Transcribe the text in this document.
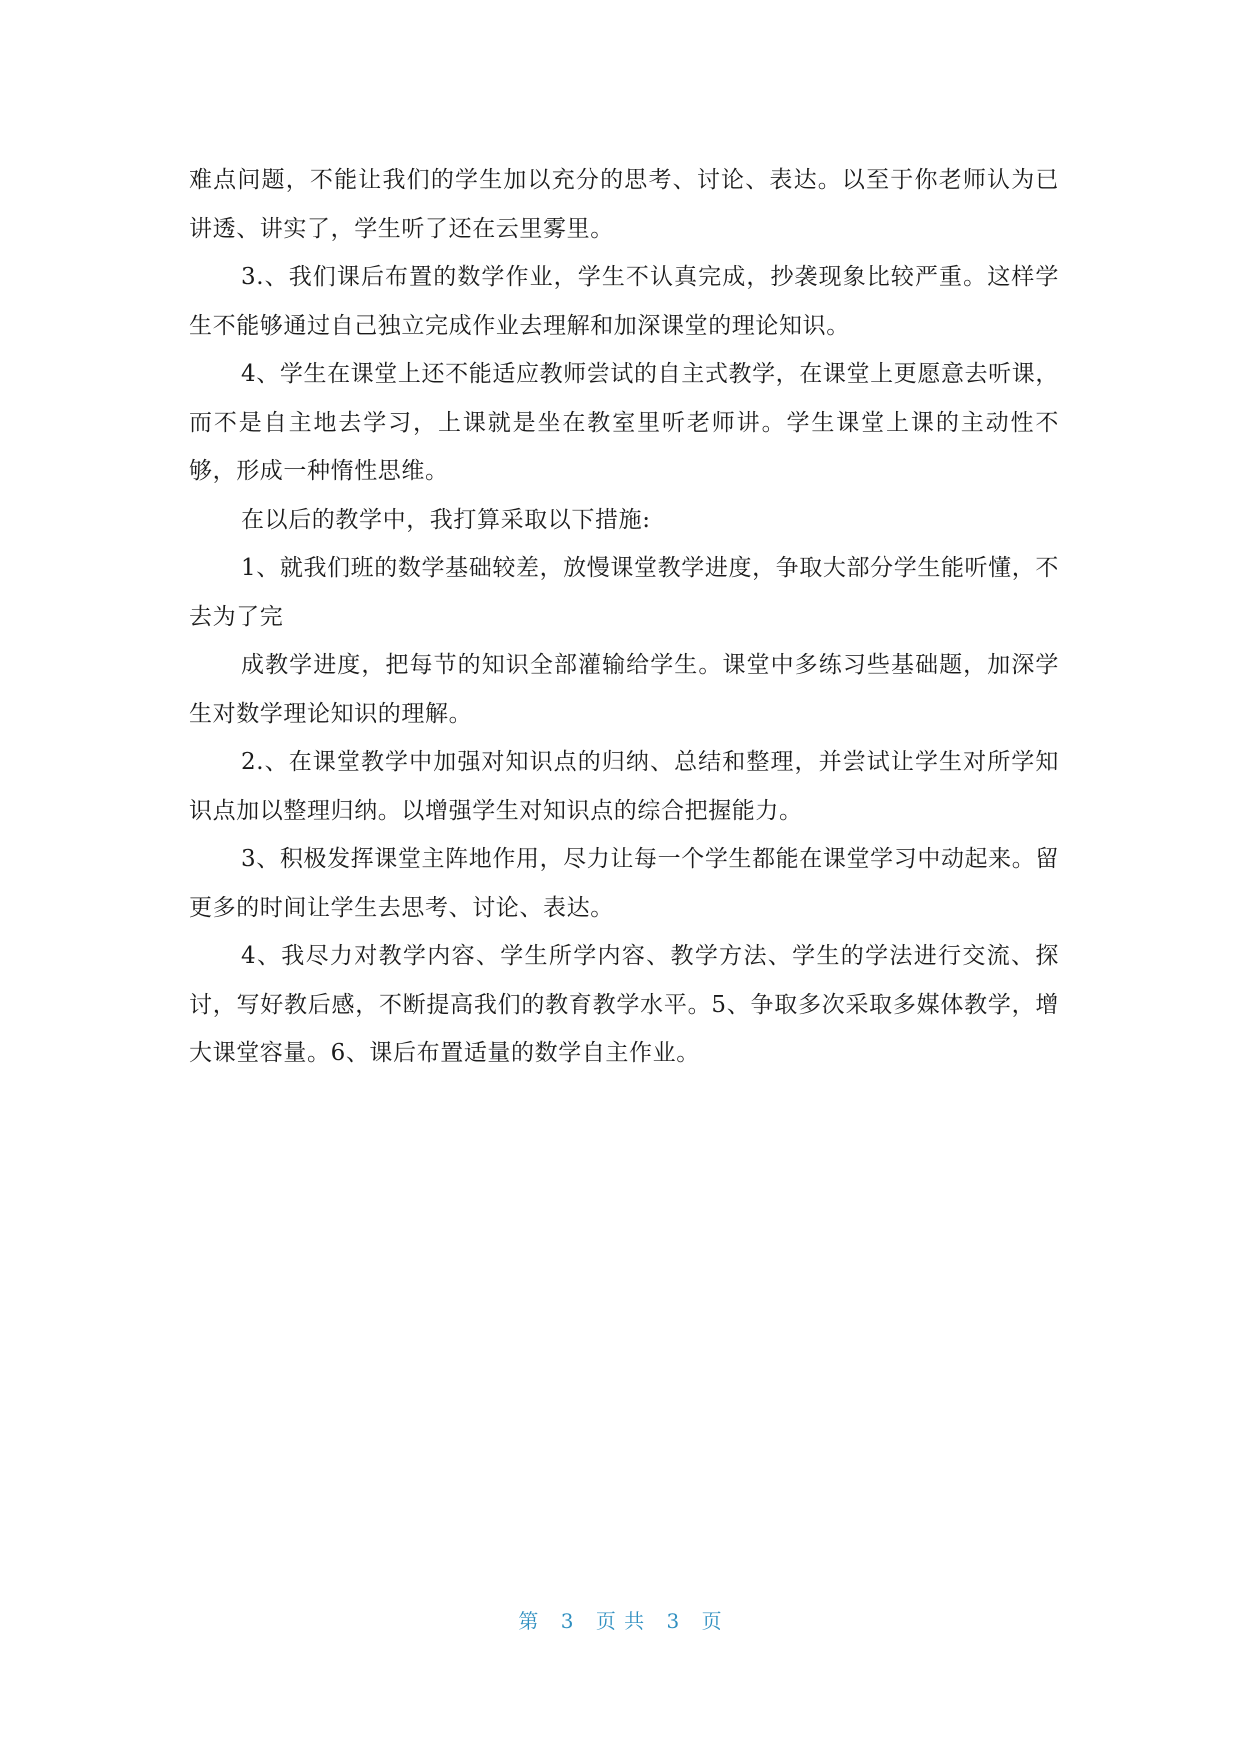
难点问题，不能让我们的学生加以充分的思考、讨论、表达。以至于你老师认为已讲透、讲实了，学生听了还在云里雾里。

3.、我们课后布置的数学作业，学生不认真完成，抄袭现象比较严重。这样学生不能够通过自己独立完成作业去理解和加深课堂的理论知识。

4、学生在课堂上还不能适应教师尝试的自主式教学，在课堂上更愿意去听课，而不是自主地去学习，上课就是坐在教室里听老师讲。学生课堂上课的主动性不够，形成一种惰性思维。

在以后的教学中，我打算采取以下措施:

1、就我们班的数学基础较差，放慢课堂教学进度，争取大部分学生能听懂，不去为了完

成教学进度，把每节的知识全部灌输给学生。课堂中多练习些基础题，加深学生对数学理论知识的理解。

2.、在课堂教学中加强对知识点的归纳、总结和整理，并尝试让学生对所学知识点加以整理归纳。以增强学生对知识点的综合把握能力。

3、积极发挥课堂主阵地作用，尽力让每一个学生都能在课堂学习中动起来。留更多的时间让学生去思考、讨论、表达。

4、我尽力对教学内容、学生所学内容、教学方法、学生的学法进行交流、探讨，写好教后感，不断提高我们的教育教学水平。5、争取多次采取多媒体教学，增大课堂容量。6、课后布置适量的数学自主作业。

第 3 页 共 3 页
